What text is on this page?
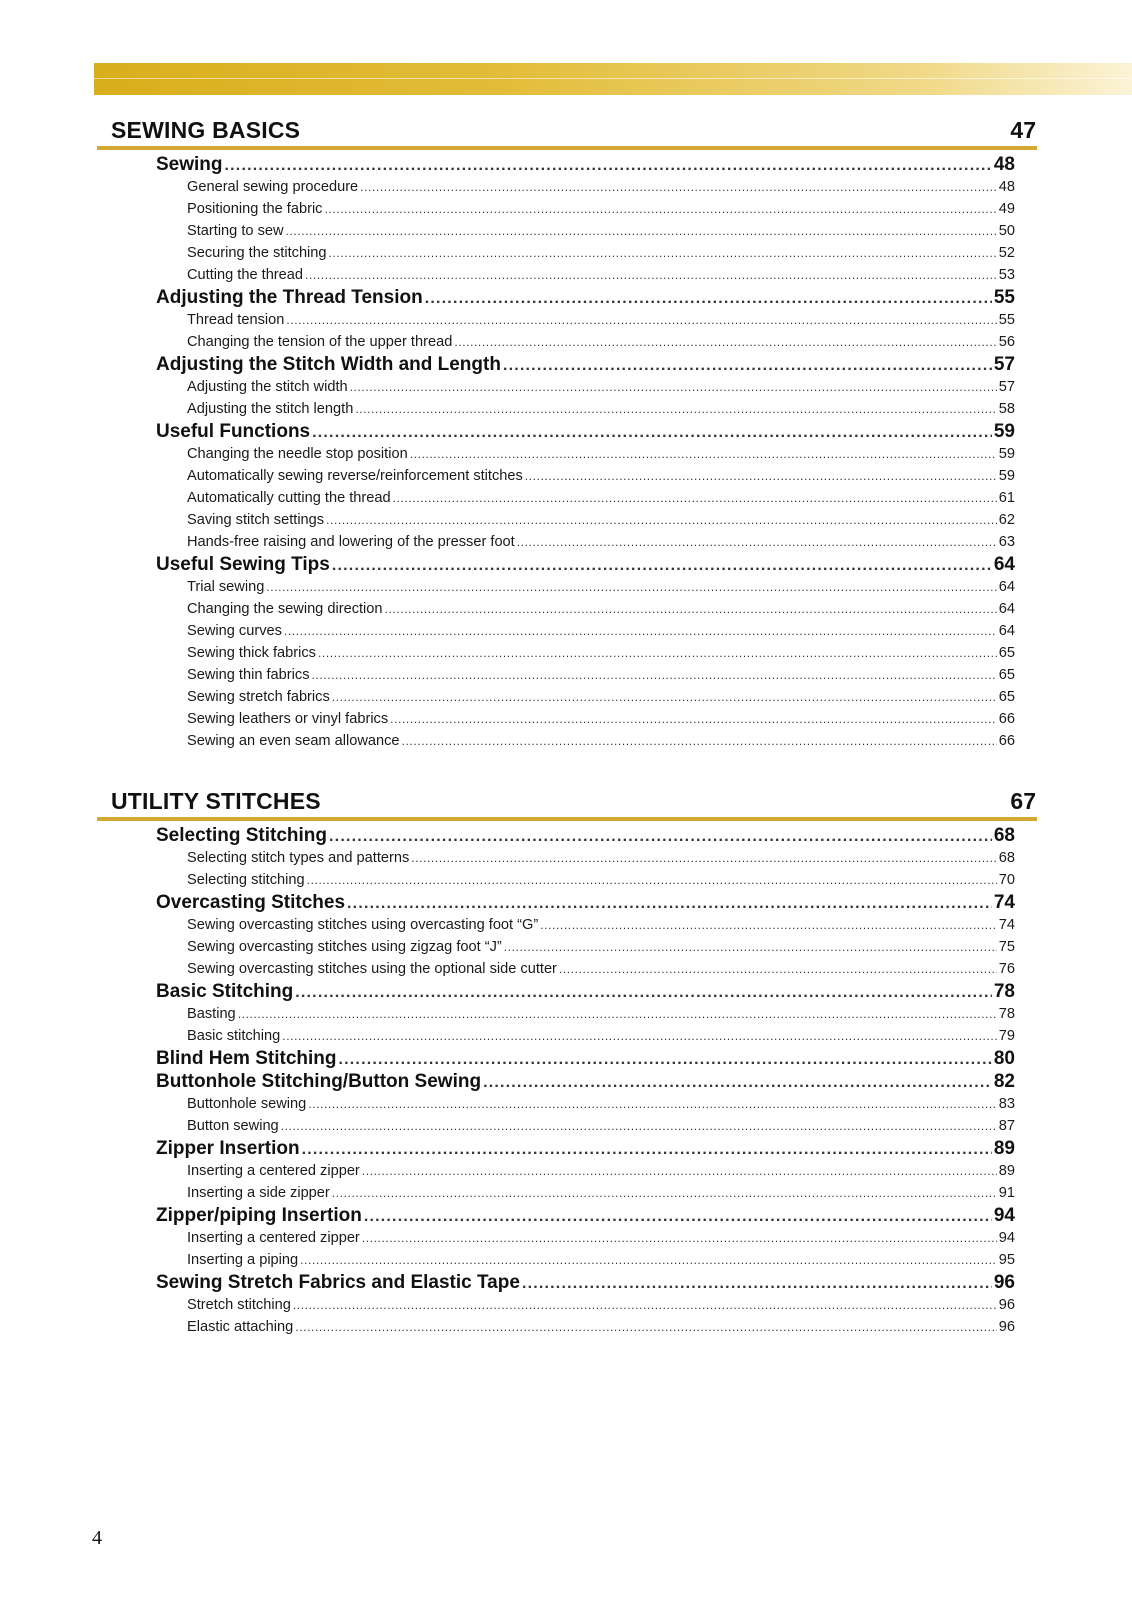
SEWING BASICS	47
Sewing .....	48
General sewing procedure .....	48
Positioning the fabric .....	49
Starting to sew .....	50
Securing the stitching .....	52
Cutting the thread .....	53
Adjusting the Thread Tension .....	55
Thread tension .....	55
Changing the tension of the upper thread .....	56
Adjusting the Stitch Width and Length .....	57
Adjusting the stitch width .....	57
Adjusting the stitch length .....	58
Useful Functions .....	59
Changing the needle stop position .....	59
Automatically sewing reverse/reinforcement stitches .....	59
Automatically cutting the thread .....	61
Saving stitch settings .....	62
Hands-free raising and lowering of the presser foot .....	63
Useful Sewing Tips .....	64
Trial sewing .....	64
Changing the sewing direction .....	64
Sewing curves .....	64
Sewing thick fabrics .....	65
Sewing thin fabrics .....	65
Sewing stretch fabrics .....	65
Sewing leathers or vinyl fabrics .....	66
Sewing an even seam allowance .....	66
UTILITY STITCHES	67
Selecting Stitching .....	68
Selecting stitch types and patterns .....	68
Selecting stitching .....	70
Overcasting Stitches .....	74
Sewing overcasting stitches using overcasting foot “G” .....	74
Sewing overcasting stitches using zigzag foot “J” .....	75
Sewing overcasting stitches using the optional side cutter .....	76
Basic Stitching .....	78
Basting .....	78
Basic stitching .....	79
Blind Hem Stitching .....	80
Buttonhole Stitching/Button Sewing .....	82
Buttonhole sewing .....	83
Button sewing .....	87
Zipper Insertion .....	89
Inserting a centered zipper .....	89
Inserting a side zipper .....	91
Zipper/piping Insertion .....	94
Inserting a centered zipper .....	94
Inserting a piping .....	95
Sewing Stretch Fabrics and Elastic Tape .....	96
Stretch stitching .....	96
Elastic attaching .....	96
4
